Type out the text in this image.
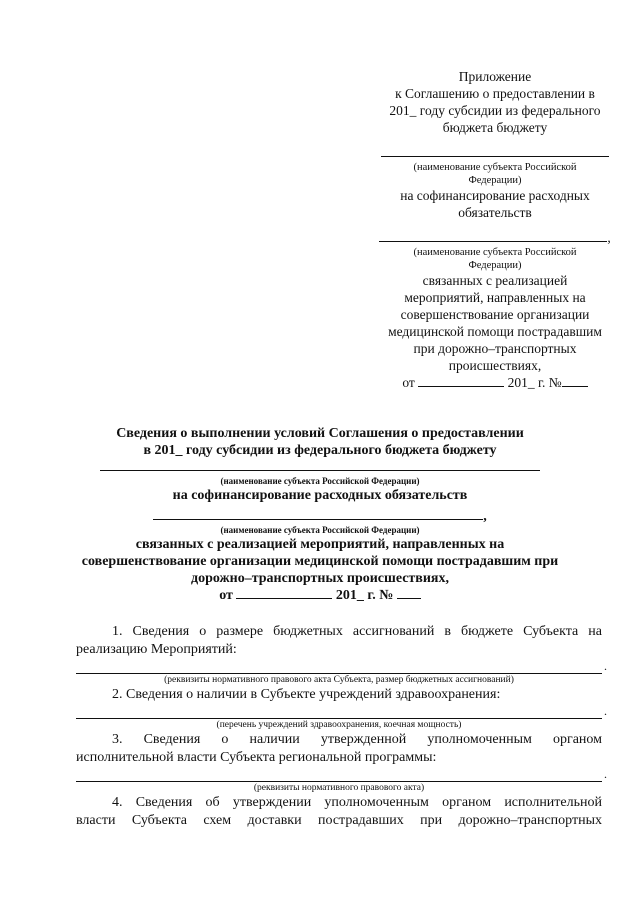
Приложение
к Соглашению о предоставлении в
201_ году субсидии из федерального
бюджета бюджету
(наименование субъекта Российской
Федерации)
на софинансирование расходных
обязательств
,
(наименование субъекта Российской
Федерации)
связанных с реализацией
мероприятий, направленных на
совершенствование организации
медицинской помощи пострадавшим
при дорожно–транспортных
происшествиях,
от	201_ г. №
Сведения о выполнении условий Соглашения о предоставлении
в 201_ году субсидии из федерального бюджета бюджету
(наименование субъекта Российской Федерации)
на софинансирование расходных обязательств
,
(наименование субъекта Российской Федерации)
связанных с реализацией мероприятий, направленных на
совершенствование организации медицинской помощи пострадавшим при
дорожно–транспортных происшествиях,
от	201_ г. №
1. Сведения о размере бюджетных ассигнований в бюджете Субъекта на
реализацию Мероприятий:
.
(реквизиты нормативного правового акта Субъекта, размер бюджетных ассигнований)
2. Сведения о наличии в Субъекте учреждений здравоохранения:
.
(перечень учреждений здравоохранения, коечная мощность)
3. Сведения о наличии утвержденной уполномоченным органом
исполнительной власти Субъекта региональной программы:
.
(реквизиты нормативного правового акта)
4. Сведения об утверждении уполномоченным органом исполнительной
власти Субъекта схем доставки пострадавших при дорожно–транспортных
